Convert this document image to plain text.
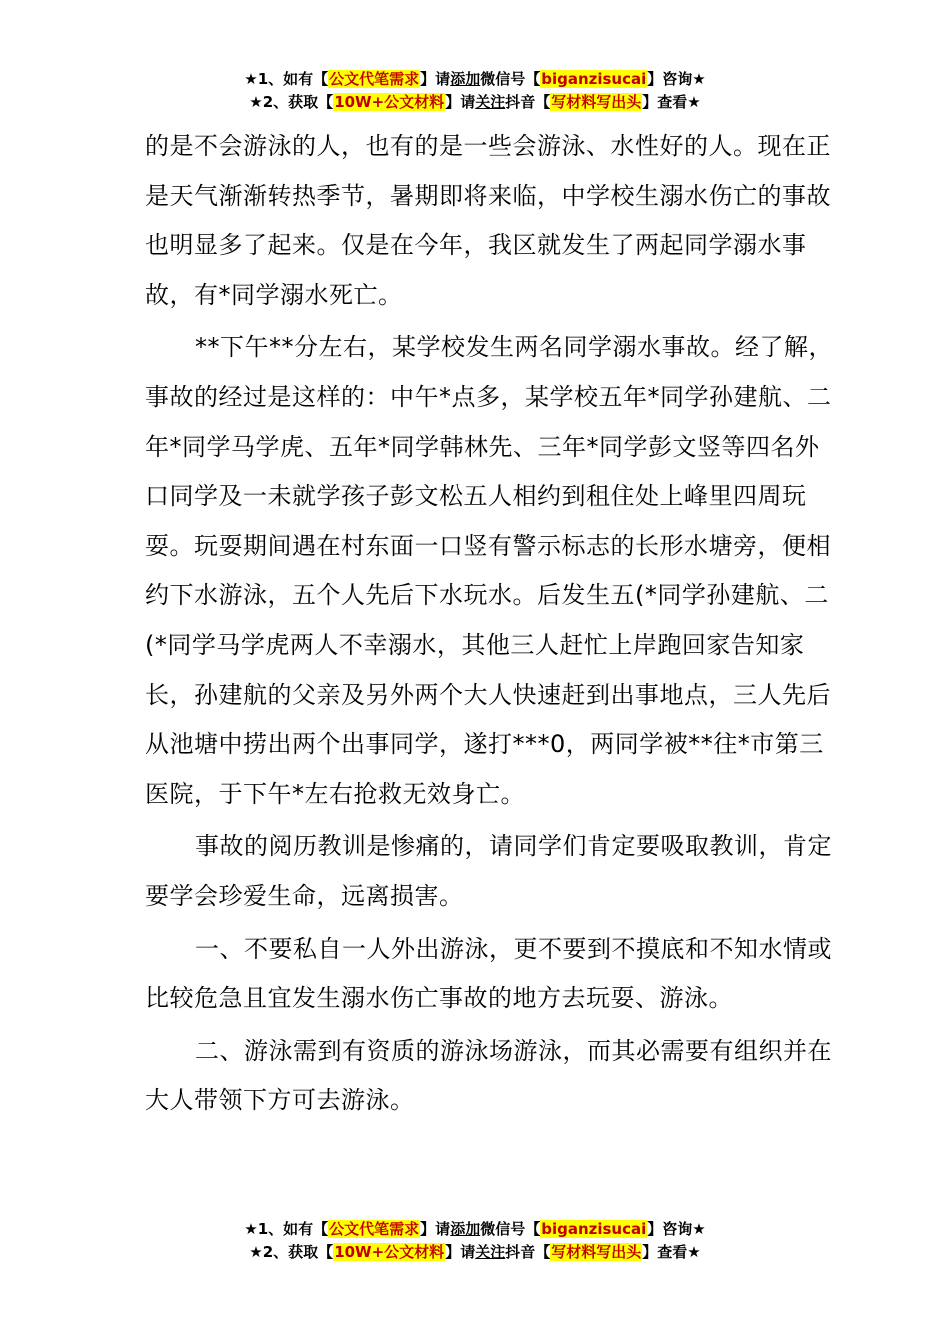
★1、如有【公文代笔需求】请添加微信号【biganzisucai】咨询★
★2、获取【10W+公文材料】请关注抖音【写材料写出头】查看★

的是不会游泳的人，也有的是一些会游泳、水性好的人。现在正是天气渐渐转热季节，暑期即将来临，中学校生溺水伤亡的事故也明显多了起来。仅是在今年，我区就发生了两起同学溺水事故，有*同学溺水死亡。

**下午**分左右，某学校发生两名同学溺水事故。经了解，事故的经过是这样的：中午*点多，某学校五年*同学孙建航、二年*同学马学虎、五年*同学韩林先、三年*同学彭文竖等四名外口同学及一未就学孩子彭文松五人相约到租住处上峰里四周玩耍。玩耍期间遇在村东面一口竖有警示标志的长形水塘旁，便相约下水游泳，五个人先后下水玩水。后发生五(*同学孙建航、二(*同学马学虎两人不幸溺水，其他三人赶忙上岸跑回家告知家长，孙建航的父亲及另外两个大人快速赶到出事地点，三人先后从池塘中捞出两个出事同学，遂打***0，两同学被**往*市第三医院，于下午*左右抢救无效身亡。

事故的阅历教训是惨痛的，请同学们肯定要吸取教训，肯定要学会珍爱生命，远离损害。

一、不要私自一人外出游泳，更不要到不摸底和不知水情或比较危急且宜发生溺水伤亡事故的地方去玩耍、游泳。

二、游泳需到有资质的游泳场游泳，而其必需要有组织并在大人带领下方可去游泳。

★1、如有【公文代笔需求】请添加微信号【biganzisucai】咨询★
★2、获取【10W+公文材料】请关注抖音【写材料写出头】查看★
